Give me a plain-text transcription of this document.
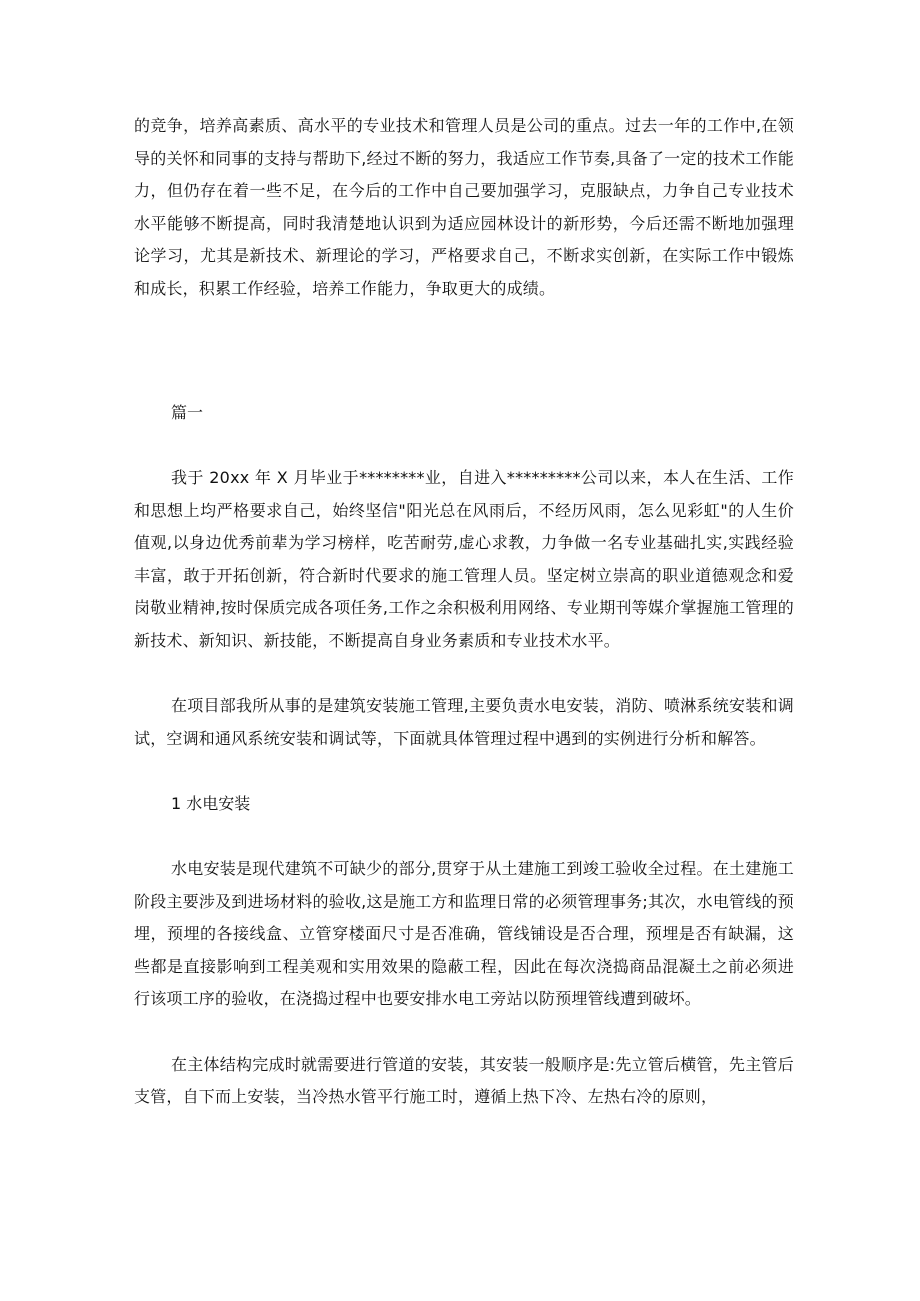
的竞争，培养高素质、高水平的专业技术和管理人员是公司的重点。过去一年的工作中,在领导的关怀和同事的支持与帮助下,经过不断的努力，我适应工作节奏,具备了一定的技术工作能力，但仍存在着一些不足，在今后的工作中自己要加强学习，克服缺点，力争自己专业技术水平能够不断提高，同时我清楚地认识到为适应园林设计的新形势，今后还需不断地加强理论学习，尤其是新技术、新理论的学习，严格要求自己，不断求实创新，在实际工作中锻炼和成长，积累工作经验，培养工作能力，争取更大的成绩。

篇一

我于 20xx 年 X 月毕业于********业，自进入*********公司以来，本人在生活、工作和思想上均严格要求自己，始终坚信"阳光总在风雨后，不经历风雨，怎么见彩虹"的人生价值观,以身边优秀前辈为学习榜样，吃苦耐劳,虚心求教，力争做一名专业基础扎实,实践经验丰富，敢于开拓创新，符合新时代要求的施工管理人员。坚定树立崇高的职业道德观念和爱岗敬业精神,按时保质完成各项任务,工作之余积极利用网络、专业期刊等媒介掌握施工管理的新技术、新知识、新技能，不断提高自身业务素质和专业技术水平。

在项目部我所从事的是建筑安装施工管理,主要负责水电安装，消防、喷淋系统安装和调试，空调和通风系统安装和调试等，下面就具体管理过程中遇到的实例进行分析和解答。

1 水电安装

水电安装是现代建筑不可缺少的部分,贯穿于从土建施工到竣工验收全过程。在土建施工阶段主要涉及到进场材料的验收,这是施工方和监理日常的必须管理事务;其次，水电管线的预埋，预埋的各接线盒、立管穿楼面尺寸是否准确，管线铺设是否合理，预埋是否有缺漏，这些都是直接影响到工程美观和实用效果的隐蔽工程，因此在每次浇捣商品混凝土之前必须进行该项工序的验收，在浇捣过程中也要安排水电工旁站以防预埋管线遭到破坏。

在主体结构完成时就需要进行管道的安装，其安装一般顺序是:先立管后横管，先主管后支管，自下而上安装，当冷热水管平行施工时，遵循上热下冷、左热右冷的原则，
